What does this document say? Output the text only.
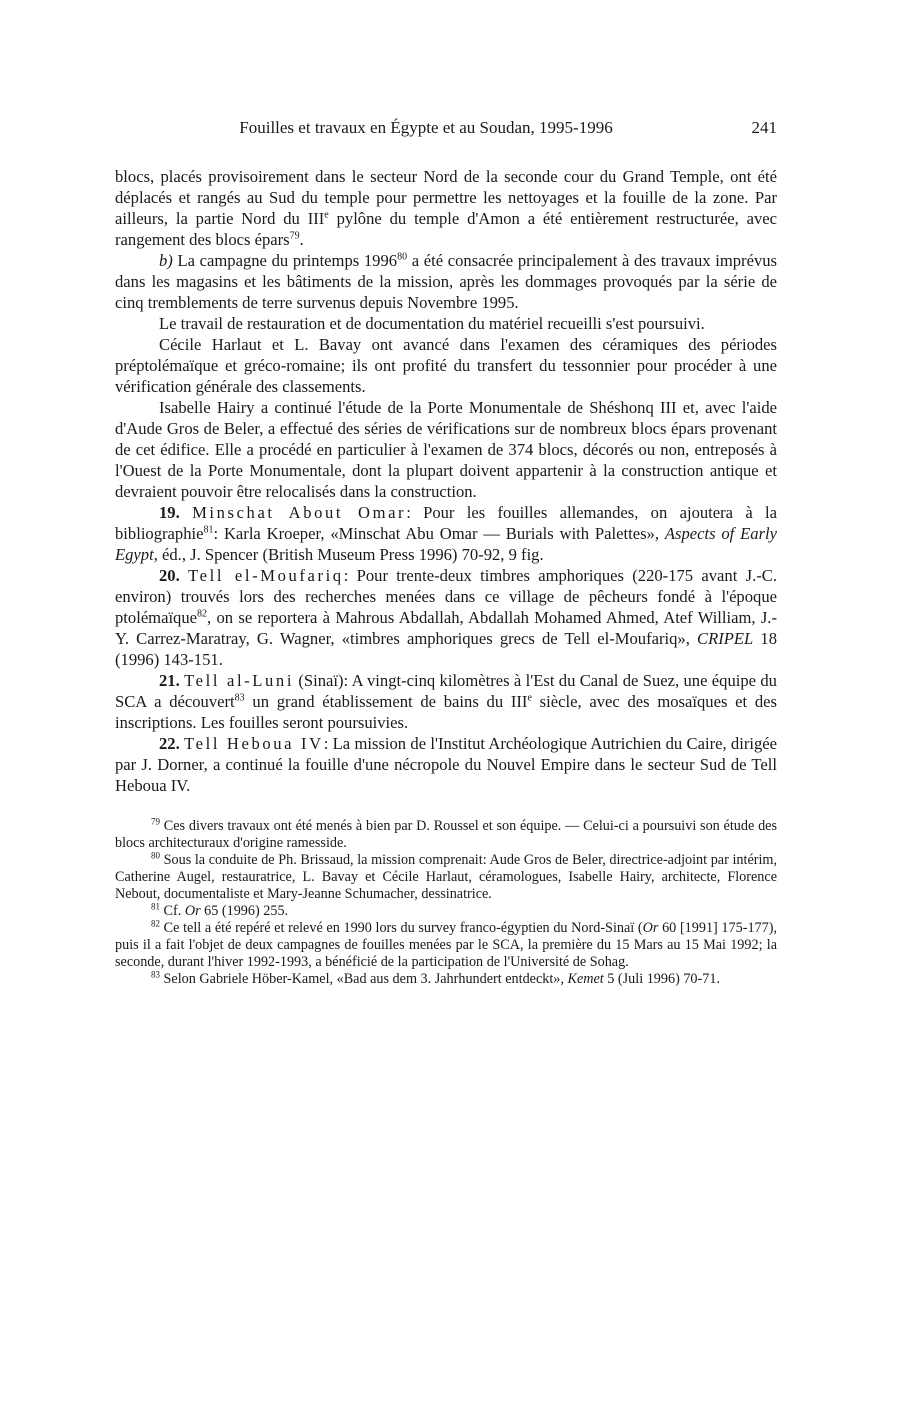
Fouilles et travaux en Égypte et au Soudan, 1995-1996	241

blocs, placés provisoirement dans le secteur Nord de la seconde cour du Grand Temple, ont été déplacés et rangés au Sud du temple pour permettre les nettoyages et la fouille de la zone. Par ailleurs, la partie Nord du IIIe pylône du temple d'Amon a été entièrement restructurée, avec rangement des blocs épars$^{79}$.

b) La campagne du printemps 1996$^{80}$ a été consacrée principalement à des travaux imprévus dans les magasins et les bâtiments de la mission, après les dommages provoqués par la série de cinq tremblements de terre survenus depuis Novembre 1995.

Le travail de restauration et de documentation du matériel recueilli s'est poursuivi.

Cécile Harlaut et L. Bavay ont avancé dans l'examen des céramiques des périodes préptolémaïque et gréco-romaine; ils ont profité du transfert du tessonnier pour procéder à une vérification générale des classements.

Isabelle Hairy a continué l'étude de la Porte Monumentale de Shéshonq III et, avec l'aide d'Aude Gros de Beler, a effectué des séries de vérifications sur de nombreux blocs épars provenant de cet édifice. Elle a procédé en particulier à l'examen de 374 blocs, décorés ou non, entreposés à l'Ouest de la Porte Monumentale, dont la plupart doivent appartenir à la construction antique et devraient pouvoir être relocalisés dans la construction.

19. Minschat About Omar: Pour les fouilles allemandes, on ajoutera à la bibliographie$^{81}$: Karla Kroeper, «Minschat Abu Omar — Burials with Palettes», Aspects of Early Egypt, éd., J. Spencer (British Museum Press 1996) 70-92, 9 fig.

20. Tell el-Moufariq: Pour trente-deux timbres amphoriques (220-175 avant J.-C. environ) trouvés lors des recherches menées dans ce village de pêcheurs fondé à l'époque ptolémaïque$^{82}$, on se reportera à Mahrous Abdallah, Abdallah Mohamed Ahmed, Atef William, J.-Y. Carrez-Maratray, G. Wagner, «timbres amphoriques grecs de Tell el-Moufariq», CRIPEL 18 (1996) 143-151.

21. Tell al-Luni (Sinaï): A vingt-cinq kilomètres à l'Est du Canal de Suez, une équipe du SCA a découvert$^{83}$ un grand établissement de bains du IIIe siècle, avec des mosaïques et des inscriptions. Les fouilles seront poursuivies.

22. Tell Heboua IV: La mission de l'Institut Archéologique Autrichien du Caire, dirigée par J. Dorner, a continué la fouille d'une nécropole du Nouvel Empire dans le secteur Sud de Tell Heboua IV.

$^{79}$ Ces divers travaux ont été menés à bien par D. Roussel et son équipe. — Celui-ci a poursuivi son étude des blocs architecturaux d'origine ramesside.

$^{80}$ Sous la conduite de Ph. Brissaud, la mission comprenait: Aude Gros de Beler, directrice-adjoint par intérim, Catherine Augel, restauratrice, L. Bavay et Cécile Harlaut, céramologues, Isabelle Hairy, architecte, Florence Nebout, documentaliste et Mary-Jeanne Schumacher, dessinatrice.

$^{81}$ Cf. Or 65 (1996) 255.

$^{82}$ Ce tell a été repéré et relevé en 1990 lors du survey franco-égyptien du Nord-Sinaï (Or 60 [1991] 175-177), puis il a fait l'objet de deux campagnes de fouilles menées par le SCA, la première du 15 Mars au 15 Mai 1992; la seconde, durant l'hiver 1992-1993, a bénéficié de la participation de l'Université de Sohag.

$^{83}$ Selon Gabriele Höber-Kamel, «Bad aus dem 3. Jahrhundert entdeckt», Kemet 5 (Juli 1996) 70-71.
